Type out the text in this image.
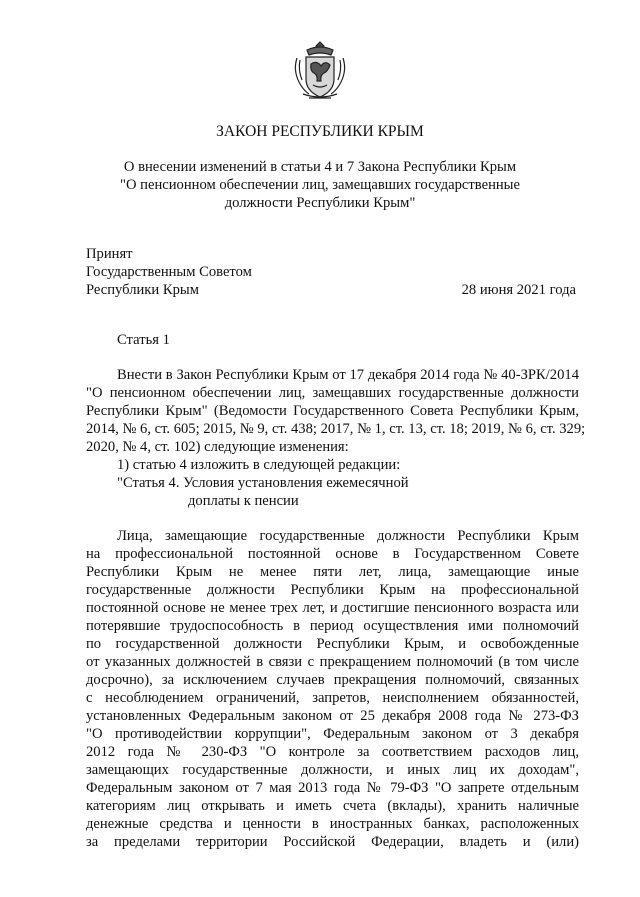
ЗАКОН РЕСПУБЛИКИ КРЫМ
О внесении изменений в статьи 4 и 7 Закона Республики Крым
"О пенсионном обеспечении лиц, замещавших государственные
должности Республики Крым"
Принят
Государственным Советом
Республики Крым	28 июня 2021 года
Статья 1
Внести в Закон Республики Крым от 17 декабря 2014 года № 40-ЗРК/2014
"О пенсионном обеспечении лиц, замещавших государственные должности
Республики Крым" (Ведомости Государственного Совета Республики Крым,
2014, № 6, ст. 605; 2015, № 9, ст. 438; 2017, № 1, ст. 13, ст. 18; 2019, № 6, ст. 329;
2020, № 4, ст. 102) следующие изменения:
1) статью 4 изложить в следующей редакции:
"Статья 4. Условия установления ежемесячной
доплаты к пенсии
Лица, замещающие государственные должности Республики Крым
на профессиональной постоянной основе в Государственном Совете
Республики Крым не менее пяти лет, лица, замещающие иные
государственные должности Республики Крым на профессиональной
постоянной основе не менее трех лет, и достигшие пенсионного возраста или
потерявшие трудоспособность в период осуществления ими полномочий
по государственной должности Республики Крым, и освобожденные
от указанных должностей в связи с прекращением полномочий (в том числе
досрочно), за исключением случаев прекращения полномочий, связанных
с несоблюдением ограничений, запретов, неисполнением обязанностей,
установленных Федеральным законом от 25 декабря 2008 года № 273-ФЗ
"О противодействии коррупции", Федеральным законом от 3 декабря
2012 года № 230-ФЗ "О контроле за соответствием расходов лиц,
замещающих государственные должности, и иных лиц их доходам",
Федеральным законом от 7 мая 2013 года № 79-ФЗ "О запрете отдельным
категориям лиц открывать и иметь счета (вклады), хранить наличные
денежные средства и ценности в иностранных банках, расположенных
за пределами территории Российской Федерации, владеть и (или)
